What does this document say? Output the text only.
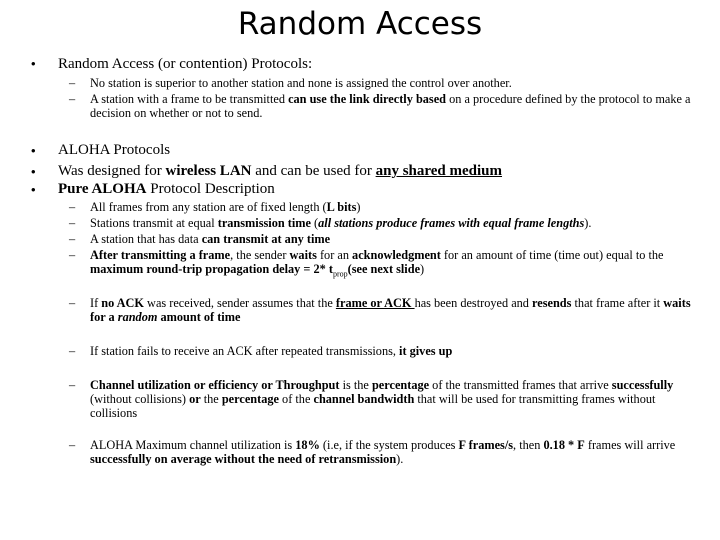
Random Access
• Random Access (or contention) Protocols:
– No station is superior to another station and none is assigned the control over another.
– A station with a frame to be transmitted can use the link directly based on a procedure defined by the protocol to make a decision on whether or not to send.
• ALOHA Protocols
• Was designed for wireless LAN and can be used for any shared medium
• Pure ALOHA Protocol Description
– All frames from any station are of fixed length (L bits)
– Stations transmit at equal transmission time (all stations produce frames with equal frame lengths).
– A station that has data can transmit at any time
– After transmitting a frame, the sender waits for an acknowledgment for an amount of time (time out) equal to the maximum round-trip propagation delay = 2* $t_{prop}(see$ next slide)
– If no ACK was received, sender assumes that the frame or ACK has been destroyed and resends that frame after it waits for a random amount of time
– If station fails to receive an ACK after repeated transmissions, it gives up
– Channel utilization or efficiency or Throughput is the percentage of the transmitted frames that arrive successfully (without collisions) or the percentage of the channel bandwidth that will be used for transmitting frames without collisions
– ALOHA Maximum channel utilization is 18% (i.e, if the system produces F frames/s, then 0.18 * F frames will arrive successfully on average without the need of retransmission).
